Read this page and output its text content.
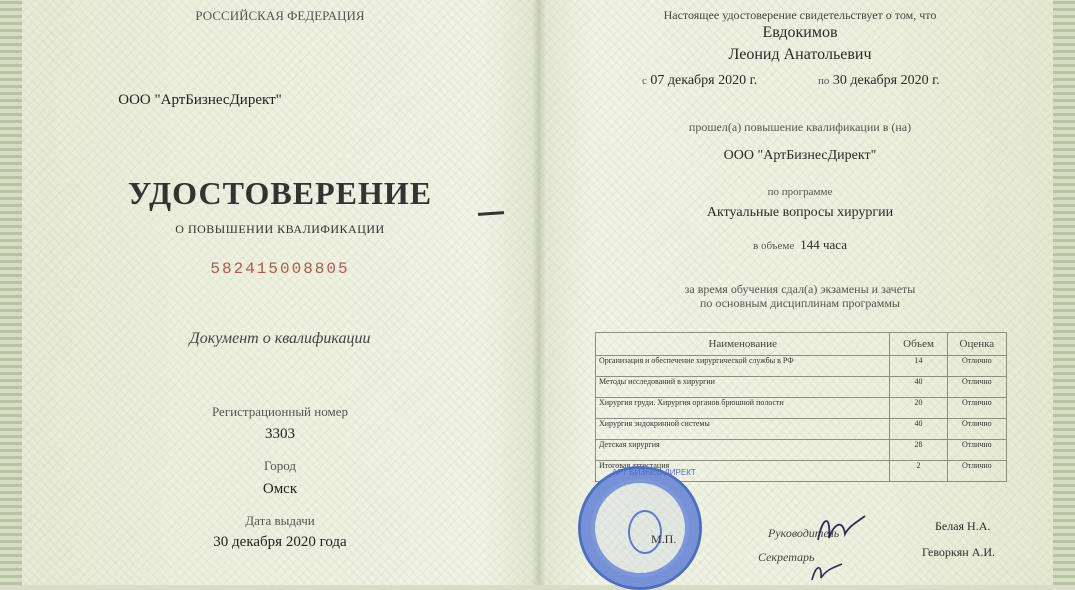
РОССИЙСКАЯ ФЕДЕРАЦИЯ
ООО "АртБизнесДирект"
УДОСТОВЕРЕНИЕ
О ПОВЫШЕНИИ КВАЛИФИКАЦИИ
582415008805
Документ о квалификации
Регистрационный номер
3303
Город
Омск
Дата выдачи
30 декабря 2020 года
Настоящее удостоверение свидетельствует о том, что
Евдокимов
Леонид Анатольевич
с 07 декабря 2020 г.	по 30 декабря 2020 г.
прошел(а) повышение квалификации в (на)
ООО "АртБизнесДирект"
по программе
Актуальные вопросы хирургии
в объеме 144 часа
за время обучения сдал(а) экзамены и зачеты
по основным дисциплинам программы
Наименование	Объем	Оценка
Организация и обеспечение хирургической службы в РФ	14	Отлично
Методы исследований в хирургии	40	Отлично
Хирургия груди. Хирургия органов брюшной полости	20	Отлично
Хирургия эндокринной системы	40	Отлично
Детская хирургия	28	Отлично
Итоговая аттестация	2	Отлично
АРТ БИЗНЕС ДИРЕКТ
М.П.	Руководитель
Секретарь
Белая Н.А.
Геворкян А.И.
